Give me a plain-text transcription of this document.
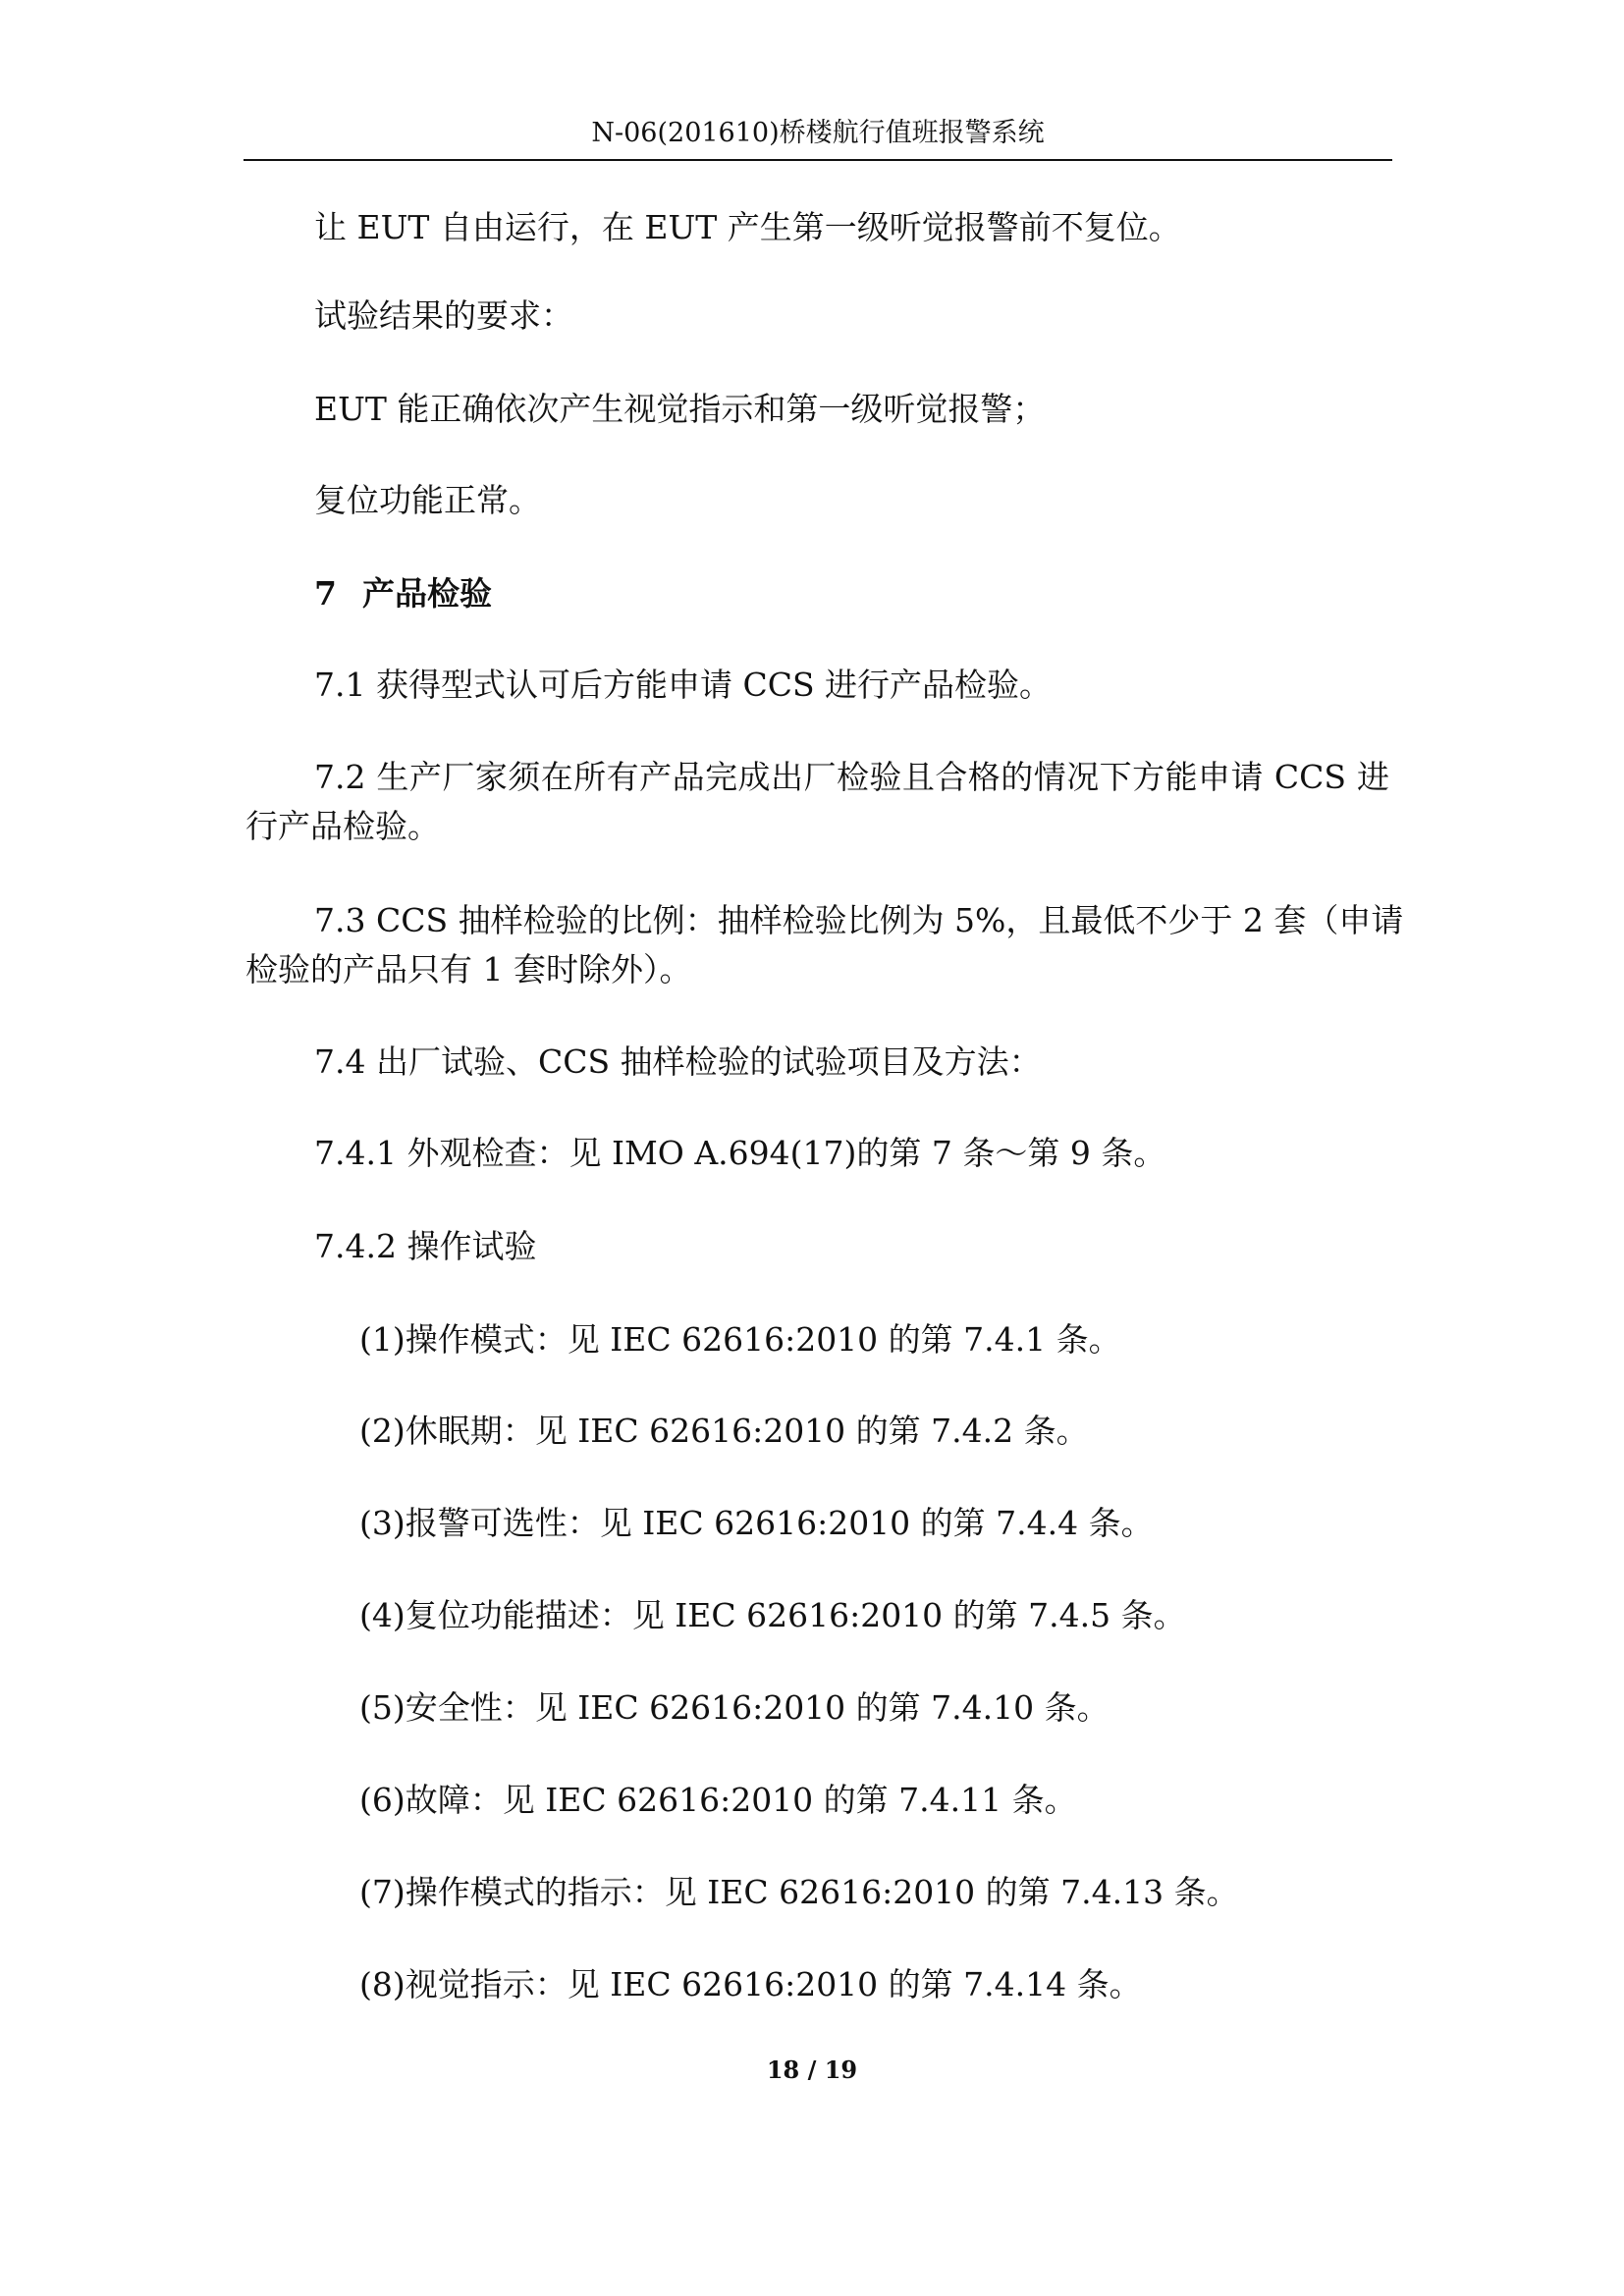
N-06(201610)桥楼航行值班报警系统
让 EUT 自由运行，在 EUT 产生第一级听觉报警前不复位。
试验结果的要求：
EUT 能正确依次产生视觉指示和第一级听觉报警；
复位功能正常。
7 产品检验
7.1 获得型式认可后方能申请 CCS 进行产品检验。
7.2 生产厂家须在所有产品完成出厂检验且合格的情况下方能申请 CCS 进
行产品检验。
7.3 CCS 抽样检验的比例：抽样检验比例为 5%，且最低不少于 2 套（申请
检验的产品只有 1 套时除外）。
7.4 出厂试验、CCS 抽样检验的试验项目及方法：
7.4.1 外观检查：见 IMO A.694(17)的第 7 条～第 9 条。
7.4.2 操作试验
(1)操作模式：见 IEC 62616:2010 的第 7.4.1 条。
(2)休眠期：见 IEC 62616:2010 的第 7.4.2 条。
(3)报警可选性：见 IEC 62616:2010 的第 7.4.4 条。
(4)复位功能描述：见 IEC 62616:2010 的第 7.4.5 条。
(5)安全性：见 IEC 62616:2010 的第 7.4.10 条。
(6)故障：见 IEC 62616:2010 的第 7.4.11 条。
(7)操作模式的指示：见 IEC 62616:2010 的第 7.4.13 条。
(8)视觉指示：见 IEC 62616:2010 的第 7.4.14 条。
18 / 19
